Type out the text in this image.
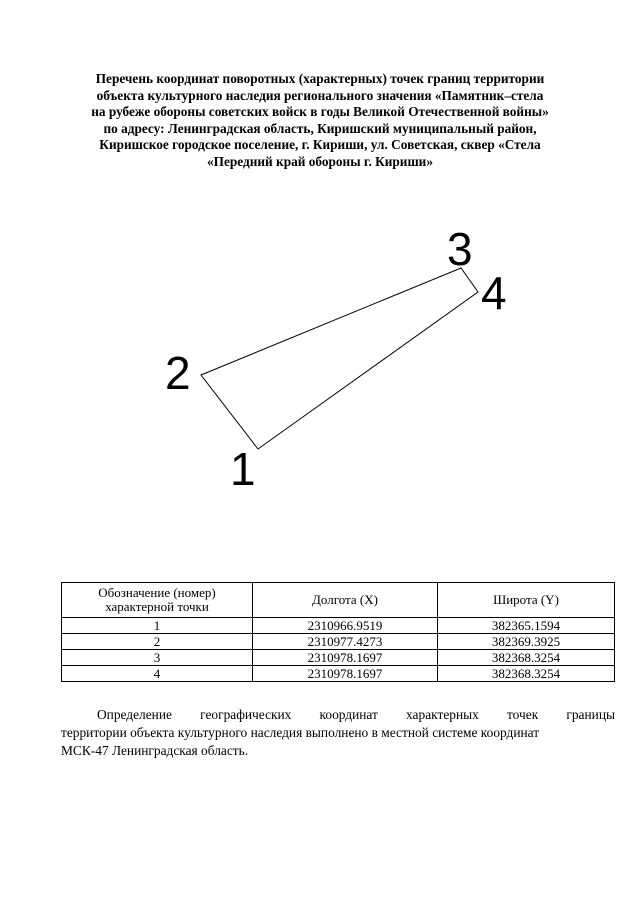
Перечень координат поворотных (характерных) точек границ территории
объекта культурного наследия регионального значения «Памятник–стела
на рубеже обороны советских войск в годы Великой Отечественной войны»
по адресу: Ленинградская область, Киришский муниципальный район,
Киришское городское поселение, г. Кириши, ул. Советская, сквер «Стела
«Передний край обороны г. Кириши»
1
2
3
4
Обозначение (номер) характерной точки	Долгота (X)	Широта (Y)
1	2310966.9519	382365.1594
2	2310977.4273	382369.3925
3	2310978.1697	382368.3254
4	2310978.1697	382368.3254
Определение географических координат характерных точек границы
территории объекта культурного наследия выполнено в местной системе координат
МСК-47 Ленинградская область.
